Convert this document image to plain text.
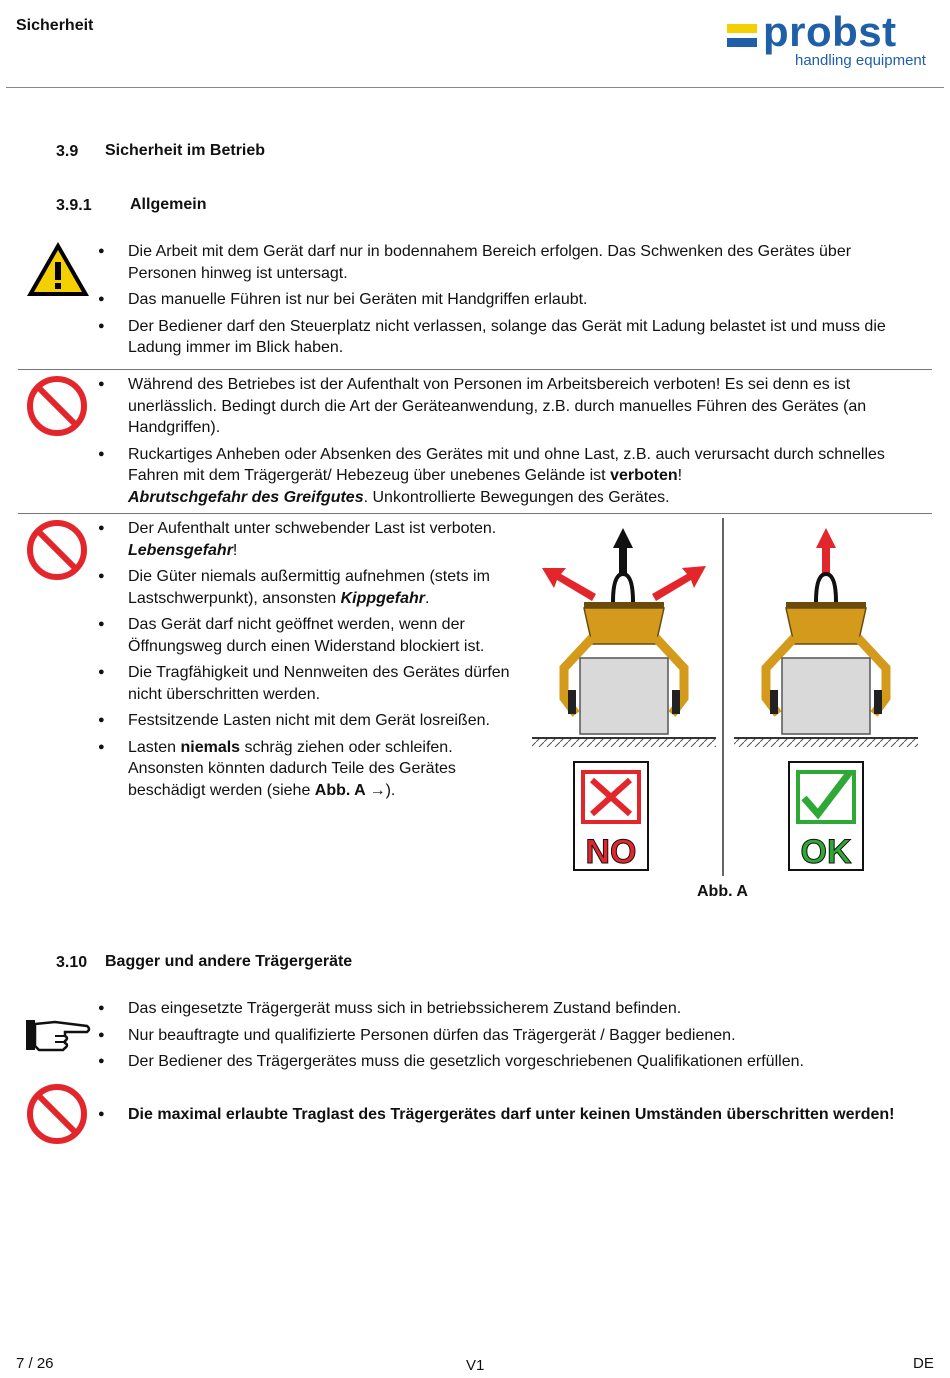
Sicherheit	probst
handling equipment
3.9 Sicherheit im Betrieb
3.9.1 Allgemein
● Die Arbeit mit dem Gerät darf nur in bodennahem Bereich erfolgen. Das Schwenken des Gerätes über Personen hinweg ist untersagt.
● Das manuelle Führen ist nur bei Geräten mit Handgriffen erlaubt.
● Der Bediener darf den Steuerplatz nicht verlassen, solange das Gerät mit Ladung belastet ist und muss die Ladung immer im Blick haben.
● Während des Betriebes ist der Aufenthalt von Personen im Arbeitsbereich verboten! Es sei denn es ist unerlässlich. Bedingt durch die Art der Geräteanwendung, z.B. durch manuelles Führen des Gerätes (an Handgriffen).
● Ruckartiges Anheben oder Absenken des Gerätes mit und ohne Last, z.B. auch verursacht durch schnelles Fahren mit dem Trägergerät/ Hebezeug über unebenes Gelände ist verboten!
Abrutschgefahr des Greifgutes. Unkontrollierte Bewegungen des Gerätes.
● Der Aufenthalt unter schwebender Last ist verboten. Lebensgefahr!
● Die Güter niemals außermittig aufnehmen (stets im Lastschwerpunkt), ansonsten Kippgefahr.
● Das Gerät darf nicht geöffnet werden, wenn der Öffnungsweg durch einen Widerstand blockiert ist.
● Die Tragfähigkeit und Nennweiten des Gerätes dürfen nicht überschritten werden.
● Festsitzende Lasten nicht mit dem Gerät losreißen.
● Lasten niemals schräg ziehen oder schleifen. Ansonsten könnten dadurch Teile des Gerätes beschädigt werden (siehe Abb. A →).
NO	OK
Abb. A
3.10 Bagger und andere Trägergeräte
● Das eingesetzte Trägergerät muss sich in betriebssicherem Zustand befinden.
● Nur beauftragte und qualifizierte Personen dürfen das Trägergerät / Bagger bedienen.
● Der Bediener des Trägergerätes muss die gesetzlich vorgeschriebenen Qualifikationen erfüllen.
● Die maximal erlaubte Traglast des Trägergerätes darf unter keinen Umständen überschritten werden!
7 / 26	V1	DE
